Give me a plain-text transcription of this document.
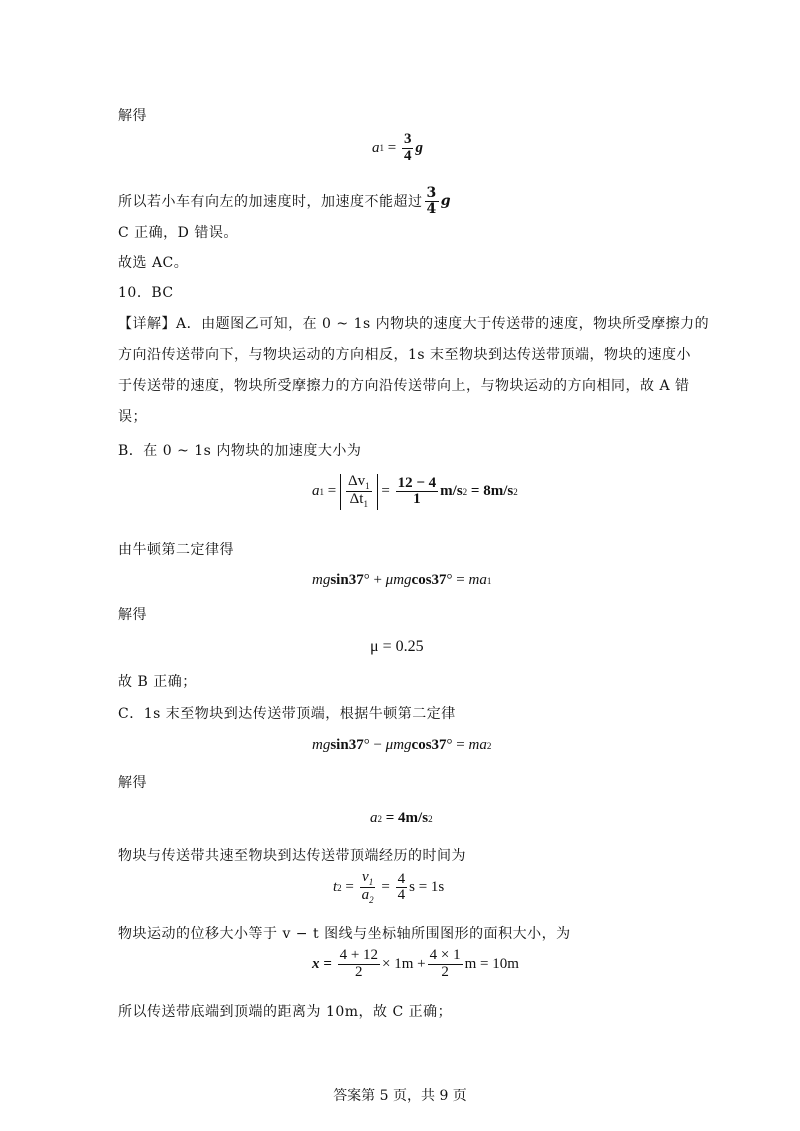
解得
a $1 = \frac{3}{4}$ g
所以若小车有向左的加速度时，加速度不能超过 $\frac{3}{4}$ g
C 正确，D 错误。
故选 AC。
10．BC
【详解】A．由题图乙可知，在 0 ~ 1s 内物块的速度大于传送带的速度，物块所受摩擦力的
方向沿传送带向下，与物块运动的方向相反，1s 末至物块到达传送带顶端，物块的速度小
于传送带的速度，物块所受摩擦力的方向沿传送带向上，与物块运动的方向相同，故 A 错
误；
B．在 0 ~ 1s 内物块的加速度大小为
a $1 = \frac{\Delta v_1}{\Delta t_1} = \frac{12 - 4}{1} m/s$ 2
= 8m/s 2
由牛顿第二定律得
mg sin37 ° +
μmg cos37 ° =
ma 1
解得
μ = 0.25
故 B 正确；
C．1s 末至物块到达传送带顶端，根据牛顿第二定律
mg sin37 ° −
μmg cos37 ° =
ma 2
解得
a 2
= 4m/s 2
物块与传送带共速至物块到达传送带顶端经历的时间为
t $2 = \frac{v_1}{a_2} = \frac{4}{4}$ s = 1s
物块运动的位移大小等于 v − t 图线与坐标轴所围图形的面积大小，为
x =
$\frac{4 + 12}{2} \times 1m + \frac{4 \times 1}{2}$ m = 10m
所以传送带底端到顶端的距离为 10m，故 C 正确；
答案第 5 页，共 9 页
